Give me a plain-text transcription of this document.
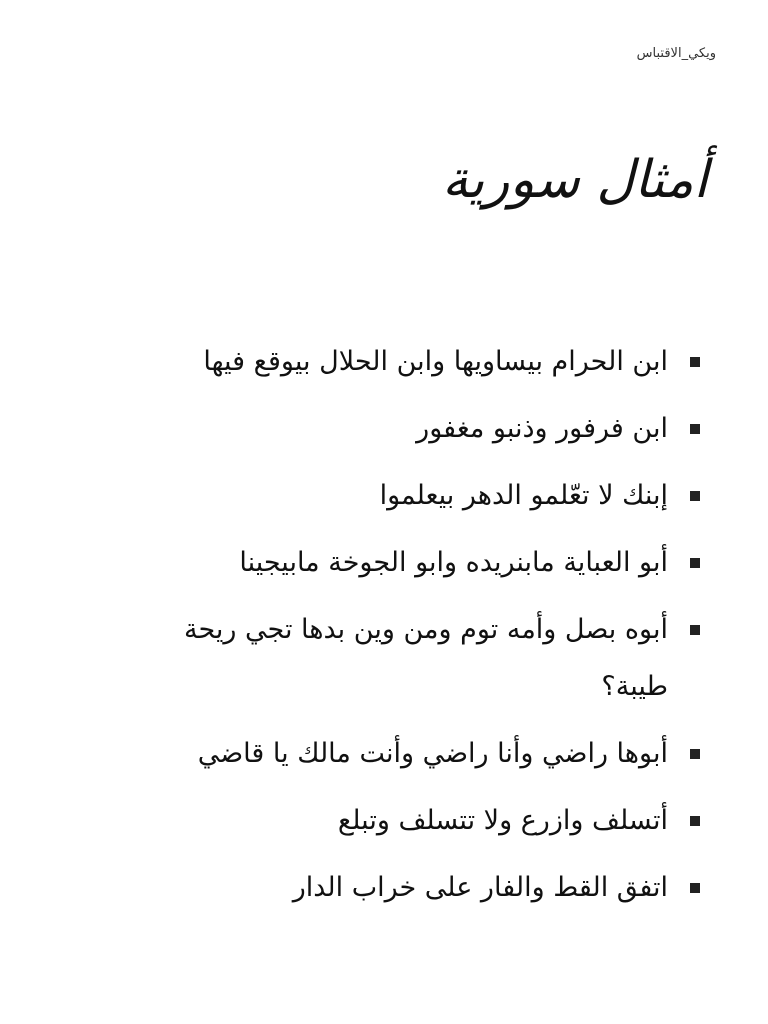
ويكي_الاقتباس
أمثال سورية
ابن الحرام بيساويها وابن الحلال بيوقع فيها
ابن فرفور وذنبو مغفور
إبنك لا تعّلمو الدهر بيعلموا
أبو العباية مابنريده وابو الجوخة مابيجينا
أبوه بصل وأمه توم ومن وين بدها تجي ريحة طيبة؟
أبوها راضي وأنا راضي وأنت مالك يا قاضي
أتسلف وازرع ولا تتسلف وتبلع
اتفق القط والفار على خراب الدار
